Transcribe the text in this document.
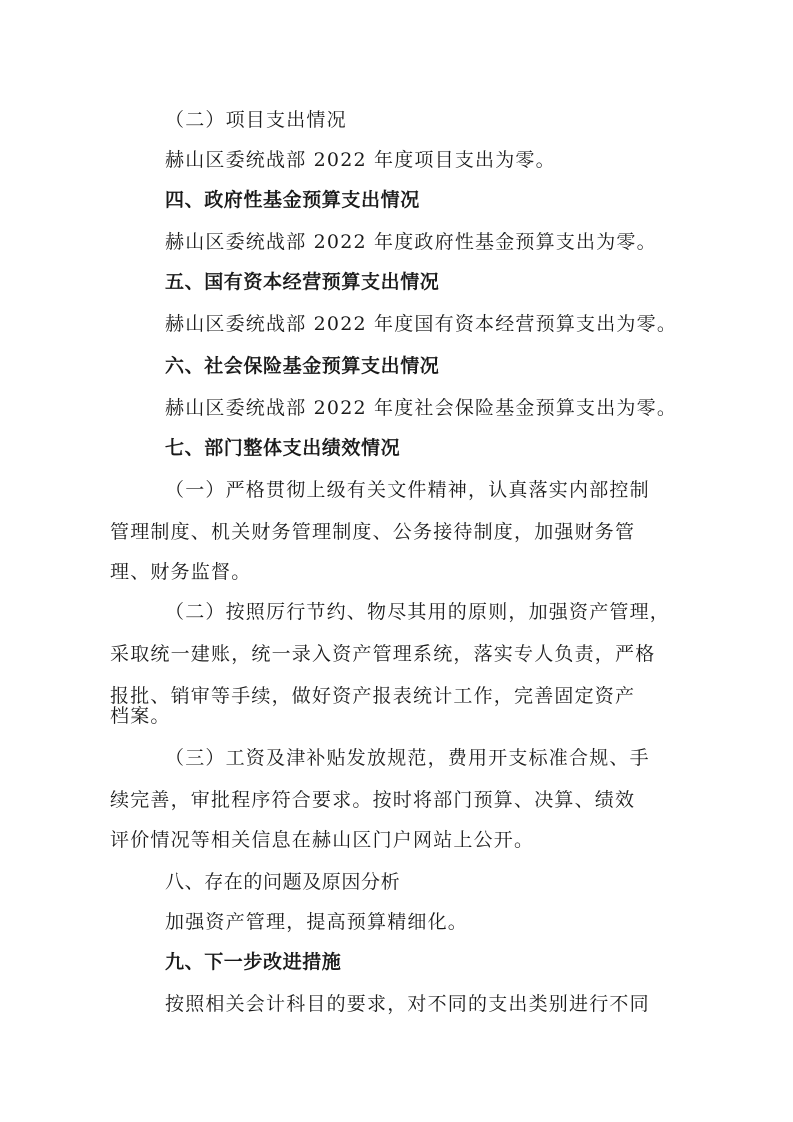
（二）项目支出情况
赫山区委统战部 2022 年度项目支出为零。
四、政府性基金预算支出情况
赫山区委统战部 2022 年度政府性基金预算支出为零。
五、国有资本经营预算支出情况
赫山区委统战部 2022 年度国有资本经营预算支出为零。
六、社会保险基金预算支出情况
赫山区委统战部 2022 年度社会保险基金预算支出为零。
七、部门整体支出绩效情况
（一）严格贯彻上级有关文件精神，认真落实内部控制
管理制度、机关财务管理制度、公务接待制度，加强财务管
理、财务监督。
（二）按照厉行节约、物尽其用的原则，加强资产管理，
采取统一建账，统一录入资产管理系统，落实专人负责，严格
报批、销审等手续，做好资产报表统计工作，完善固定资产
档案。
（三）工资及津补贴发放规范，费用开支标准合规、手
续完善，审批程序符合要求。按时将部门预算、决算、绩效
评价情况等相关信息在赫山区门户网站上公开。
八、存在的问题及原因分析
加强资产管理，提高预算精细化。
九、下一步改进措施
按照相关会计科目的要求，对不同的支出类别进行不同
